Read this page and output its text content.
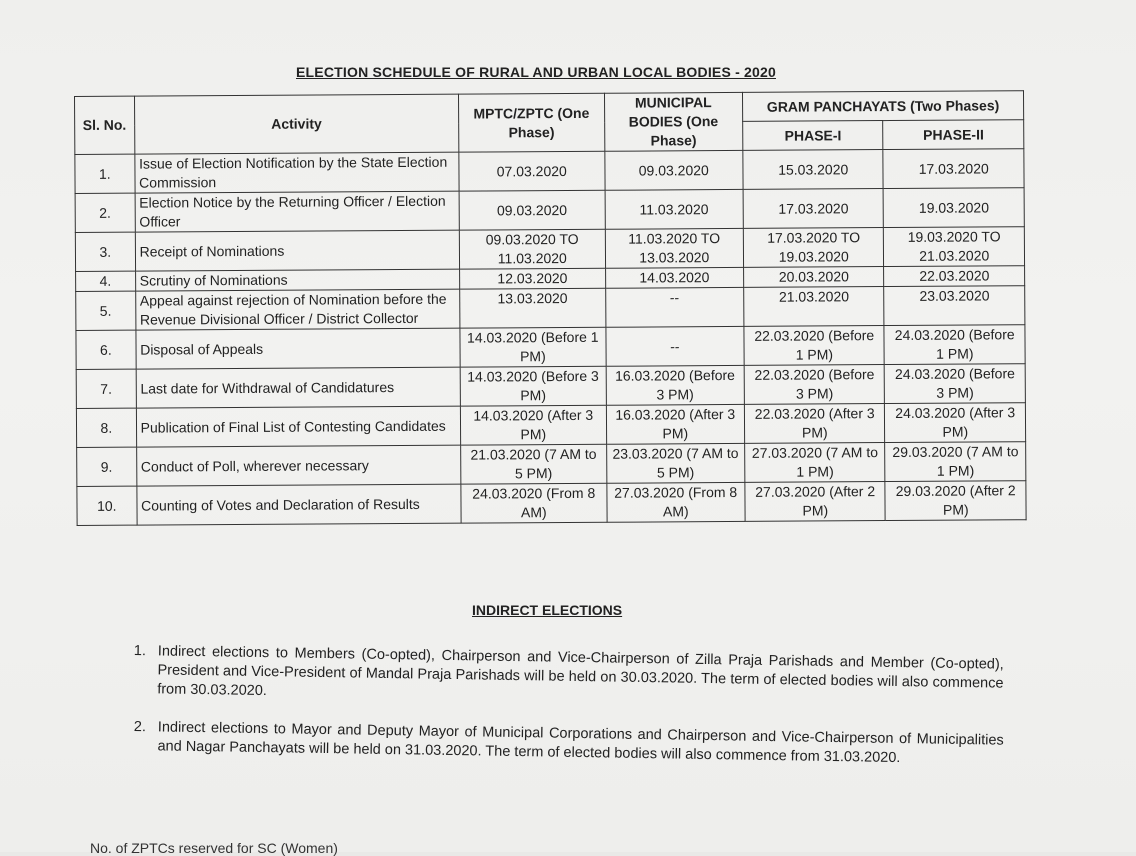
ELECTION SCHEDULE OF RURAL AND URBAN LOCAL BODIES - 2020
Sl. No.	Activity	MPTC/ZPTC (One Phase)	MUNICIPAL BODIES (One Phase)	GRAM PANCHAYATS (Two Phases)	
				PHASE-I	PHASE-II
1.	Issue of Election Notification by the State Election Commission	07.03.2020	09.03.2020	15.03.2020	17.03.2020
2.	Election Notice by the Returning Officer / Election Officer	09.03.2020	11.03.2020	17.03.2020	19.03.2020
3.	Receipt of Nominations	09.03.2020 TO 11.03.2020	11.03.2020 TO 13.03.2020	17.03.2020 TO 19.03.2020	19.03.2020 TO 21.03.2020
4.	Scrutiny of Nominations	12.03.2020	14.03.2020	20.03.2020	22.03.2020
5.	Appeal against rejection of Nomination before the Revenue Divisional Officer / District Collector	13.03.2020	--	21.03.2020	23.03.2020
6.	Disposal of Appeals	14.03.2020 (Before 1 PM)	--	22.03.2020 (Before 1 PM)	24.03.2020 (Before 1 PM)
7.	Last date for Withdrawal of Candidatures	14.03.2020 (Before 3 PM)	16.03.2020 (Before 3 PM)	22.03.2020 (Before 3 PM)	24.03.2020 (Before 3 PM)
8.	Publication of Final List of Contesting Candidates	14.03.2020 (After 3 PM)	16.03.2020 (After 3 PM)	22.03.2020 (After 3 PM)	24.03.2020 (After 3 PM)
9.	Conduct of Poll, wherever necessary	21.03.2020 (7 AM to 5 PM)	23.03.2020 (7 AM to 5 PM)	27.03.2020 (7 AM to 1 PM)	29.03.2020 (7 AM to 1 PM)
10.	Counting of Votes and Declaration of Results	24.03.2020 (From 8 AM)	27.03.2020 (From 8 AM)	27.03.2020 (After 2 PM)	29.03.2020 (After 2 PM)
INDIRECT ELECTIONS
1. Indirect elections to Members (Co-opted), Chairperson and Vice-Chairperson of Zilla Praja Parishads and Member (Co-opted), President and Vice-President of Mandal Praja Parishads will be held on 30.03.2020. The term of elected bodies will also commence from 30.03.2020.
2. Indirect elections to Mayor and Deputy Mayor of Municipal Corporations and Chairperson and Vice-Chairperson of Municipalities and Nagar Panchayats will be held on 31.03.2020. The term of elected bodies will also commence from 31.03.2020.
No. of ZPTCs reserved for SC (Women)
